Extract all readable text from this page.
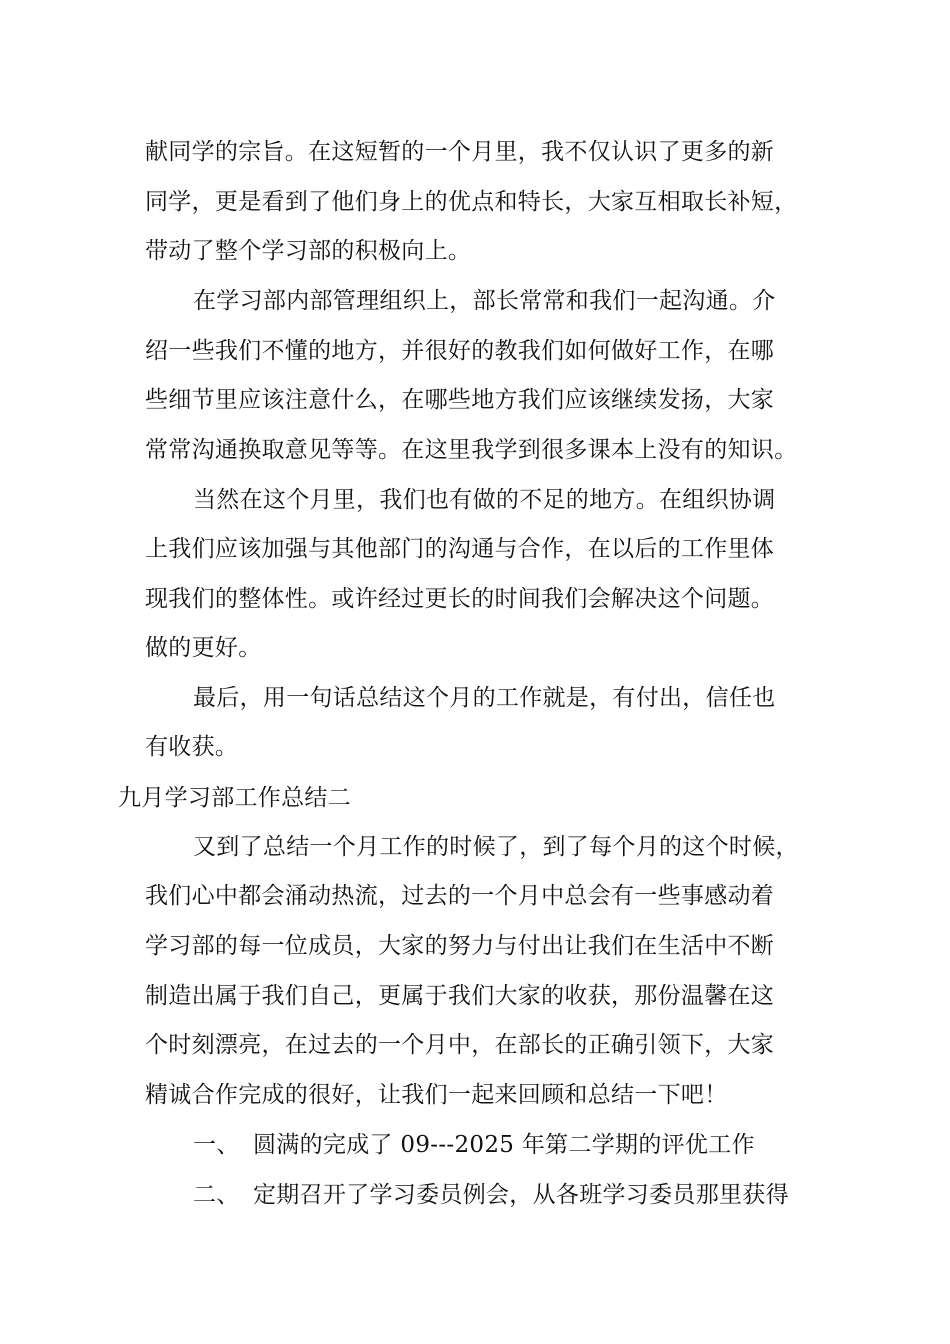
献同学的宗旨。在这短暂的一个月里，我不仅认识了更多的新
同学，更是看到了他们身上的优点和特长，大家互相取长补短，
带动了整个学习部的积极向上。
在学习部内部管理组织上，部长常常和我们一起沟通。介
绍一些我们不懂的地方，并很好的教我们如何做好工作，在哪
些细节里应该注意什么，在哪些地方我们应该继续发扬，大家
常常沟通换取意见等等。在这里我学到很多课本上没有的知识。
当然在这个月里，我们也有做的不足的地方。在组织协调
上我们应该加强与其他部门的沟通与合作，在以后的工作里体
现我们的整体性。或许经过更长的时间我们会解决这个问题。
做的更好。
最后，用一句话总结这个月的工作就是，有付出，信任也
有收获。
九月学习部工作总结二
又到了总结一个月工作的时候了，到了每个月的这个时候，
我们心中都会涌动热流，过去的一个月中总会有一些事感动着
学习部的每一位成员，大家的努力与付出让我们在生活中不断
制造出属于我们自己，更属于我们大家的收获，那份温馨在这
个时刻漂亮，在过去的一个月中，在部长的正确引领下，大家
精诚合作完成的很好，让我们一起来回顾和总结一下吧！
一、 圆满的完成了 09---2025 年第二学期的评优工作
二、 定期召开了学习委员例会，从各班学习委员那里获得
